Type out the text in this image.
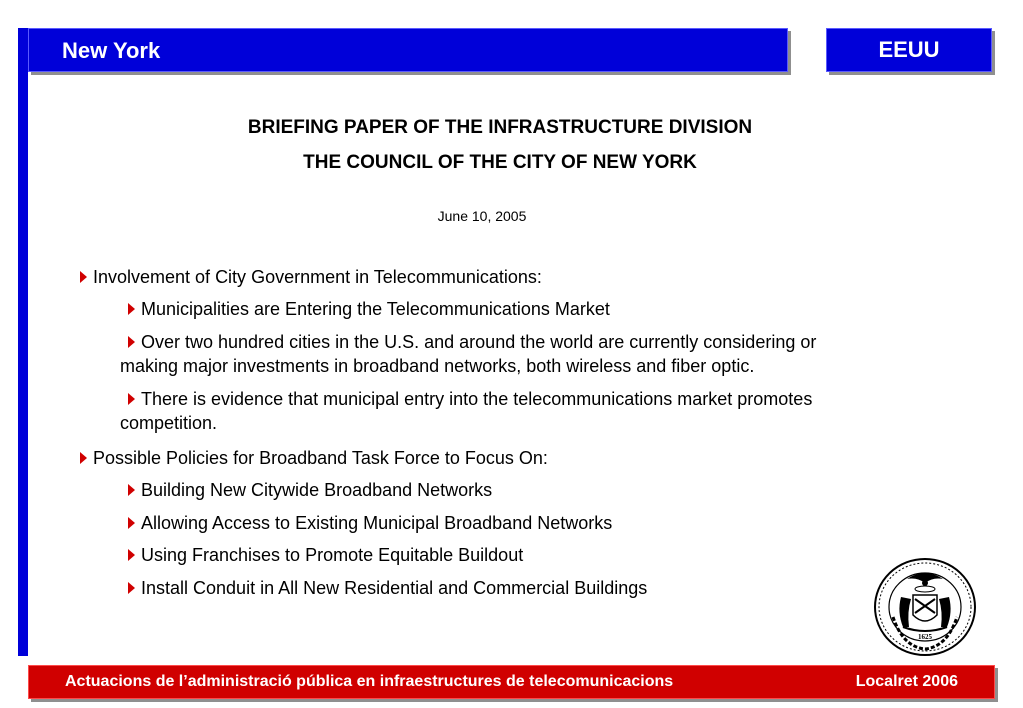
New York	EEUU
BRIEFING PAPER OF THE INFRASTRUCTURE DIVISION
THE COUNCIL OF THE CITY OF NEW YORK
June 10, 2005
Involvement of City Government in Telecommunications:
Municipalities are Entering the Telecommunications Market
Over two hundred cities in the U.S. and around the world are currently considering or
making major investments in broadband networks, both wireless and fiber optic.
There is evidence that municipal entry into the telecommunications market promotes
competition.
Possible Policies for Broadband Task Force to Focus On:
Building New Citywide Broadband Networks
Allowing Access to Existing Municipal Broadband Networks
Using Franchises to Promote Equitable Buildout
Install Conduit in All New Residential and Commercial Buildings
1625
Actuacions de l’administració pública en infraestructures de telecomunicacions	Localret 2006
